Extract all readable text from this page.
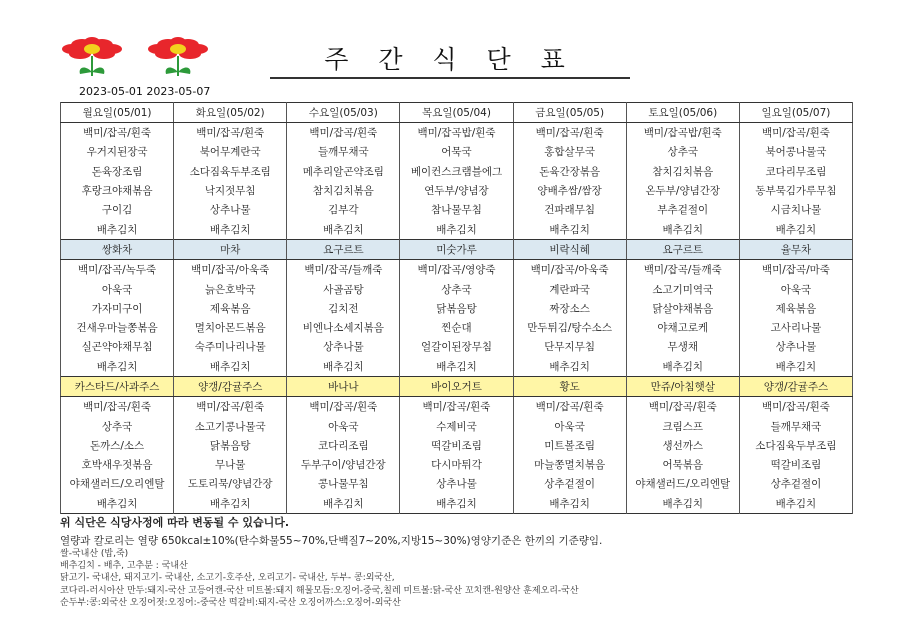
주 간 식 단 표
2023-05-01 2023-05-07
월요일(05/01)	화요일(05/02)	수요일(05/03)	목요일(05/04)	금요일(05/05)	토요일(05/06)	일요일(05/07)
백미/잡곡/흰죽	백미/잡곡/흰죽	백미/잡곡/흰죽	백미/잡곡밥/흰죽	백미/잡곡/흰죽	백미/잡곡밥/흰죽	백미/잡곡/흰죽
우거지된장국	북어무계란국	들깨무채국	어묵국	홍합살무국	상추국	북어콩나물국
돈육장조림	소다짐육두부조림	메추리알곤약조림	베이컨스크램블에그	돈육간장볶음	참치김치볶음	코다리무조림
후랑크야채볶음	낙지젓무침	참치김치볶음	연두부/양념장	양배추쌈/쌈장	온두부/양념간장	동부묵김가루무침
구이김	상추나물	김부각	참나물무침	건파래무침	부추겉절이	시금치나물
배추김치	배추김치	배추김치	배추김치	배추김치	배추김치	배추김치
쌍화차	마차	요구르트	미숫가루	비락식혜	요구르트	율무차
백미/잡곡/녹두죽	백미/잡곡/아욱죽	백미/잡곡/들깨죽	백미/잡곡/영양죽	백미/잡곡/아욱죽	백미/잡곡/들깨죽	백미/잡곡/마죽
아욱국	늙은호박국	사골곰탕	상추국	계란파국	소고기미역국	아욱국
가자미구이	제육볶음	김치전	닭볶음탕	짜장소스	닭살야채볶음	제육볶음
건새우마늘쫑볶음	멸치아몬드볶음	비엔나소세지볶음	찐순대	만두튀김/탕수소스	야채고로케	고사리나물
실곤약야채무침	숙주미나리나물	상추나물	얼갈이된장무침	단무지무침	무생채	상추나물
배추김치	배추김치	배추김치	배추김치	배추김치	배추김치	배추김치
카스타드/사과주스	양갱/감귤주스	바나나	바이오거트	황도	만쥬/아침햇살	양갱/감귤주스
백미/잡곡/흰죽	백미/잡곡/흰죽	백미/잡곡/흰죽	백미/잡곡/흰죽	백미/잡곡/흰죽	백미/잡곡/흰죽	백미/잡곡/흰죽
상추국	소고기콩나물국	아욱국	수제비국	아욱국	크림스프	들깨무채국
돈까스/소스	닭볶음탕	코다리조림	떡갈비조림	미트볼조림	생선까스	소다짐육두부조림
호박새우젓볶음	무나물	두부구이/양념간장	다시마튀각	마늘쫑멸치볶음	어묵볶음	떡갈비조림
야채샐러드/오리엔탈	도토리묵/양념간장	콩나물무침	상추나물	상추겉절이	야채샐러드/오리엔탈	상추겉절이
배추김치	배추김치	배추김치	배추김치	배추김치	배추김치	배추김치
위 식단은 식당사정에 따라 변동될 수 있습니다.
열량과 칼로리는 열량 650kcal±10%(탄수화물55~70%,단백질7~20%,지방15~30%)영양기준은 한끼의 기준량임.
쌀-국내산 (밥,죽)
배추김치 - 배추, 고추분 : 국내산
닭고기- 국내산, 돼지고기- 국내산, 소고기-호주산, 오리고기- 국내산, 두부- 콩:외국산,
코다리-러시아산 만두:돼지-국산 고등어캔-국산 미트볼:돼지 해물모듬:오징어-중국,칠레 미트볼:닭-국산 꼬치캔-원양산 훈제오리-국산
순두부:콩:외국산 오징어젓:오징어:-중국산 떡갈비:돼지-국산 오징어까스:오징어-외국산
